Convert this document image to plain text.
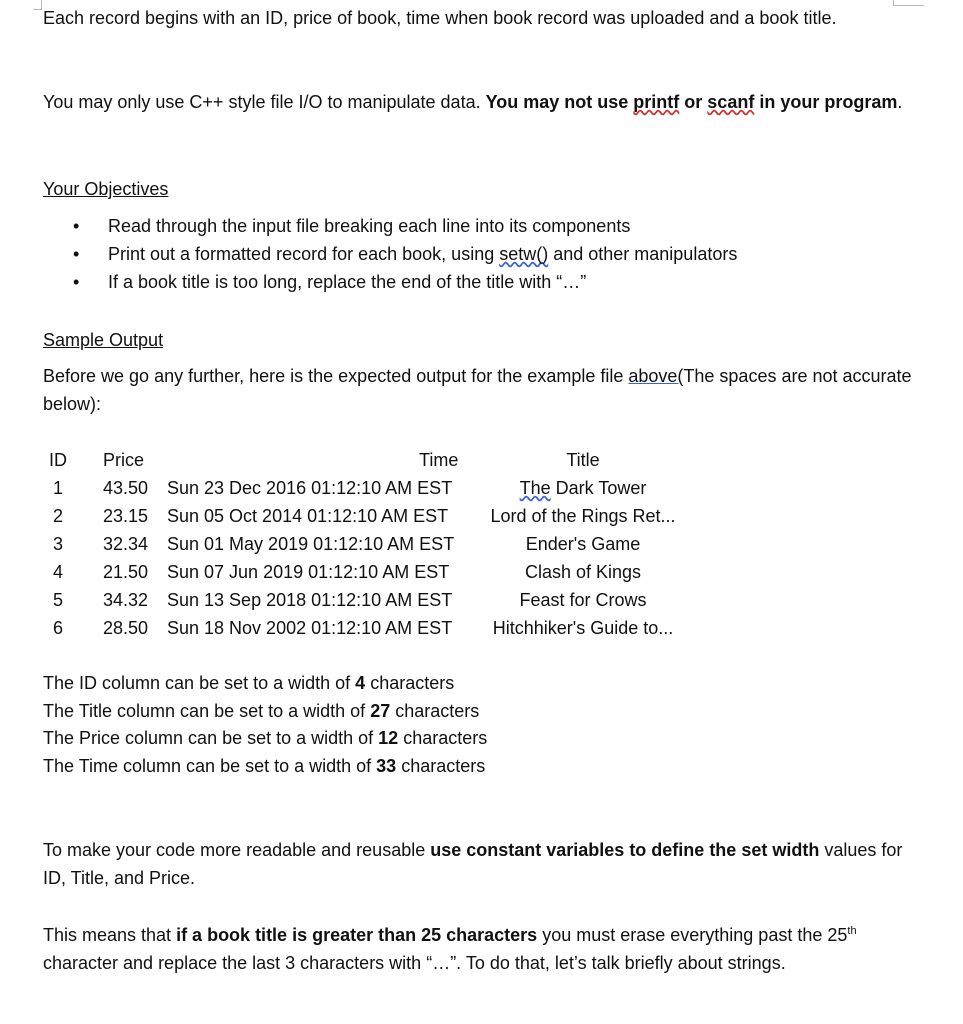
Each record begins with an ID, price of book, time when book record was uploaded and a book title.

You may only use C++ style file I/O to manipulate data. You may not use printf or scanf in your program.

Your Objectives
• Read through the input file breaking each line into its components
• Print out a formatted record for each book, using setw() and other manipulators
• If a book title is too long, replace the end of the title with “…”
Sample Output

Before we go any further, here is the expected output for the example file above(The spaces are not accurate below):

ID	Price	Time	Title
1	43.50 Sun 23 Dec 2016 01:12:10 AM EST	The Dark Tower
2	23.15 Sun 05 Oct 2014 01:12:10 AM EST	Lord of the Rings Ret...
3	32.34 Sun 01 May 2019 01:12:10 AM EST	Ender's Game
4	21.50 Sun 07 Jun 2019 01:12:10 AM EST	Clash of Kings
5	34.32 Sun 13 Sep 2018 01:12:10 AM EST	Feast for Crows
6	28.50 Sun 18 Nov 2002 01:12:10 AM EST	Hitchhiker's Guide to...

The ID column can be set to a width of 4 characters

The Title column can be set to a width of 27 characters

The Price column can be set to a width of 12 characters

The Time column can be set to a width of 33 characters

To make your code more readable and reusable use constant variables to define the set width values for ID, Title, and Price.

This means that if a book title is greater than 25 characters you must erase everything past the 25th character and replace the last 3 characters with “…”. To do that, let’s talk briefly about strings.
